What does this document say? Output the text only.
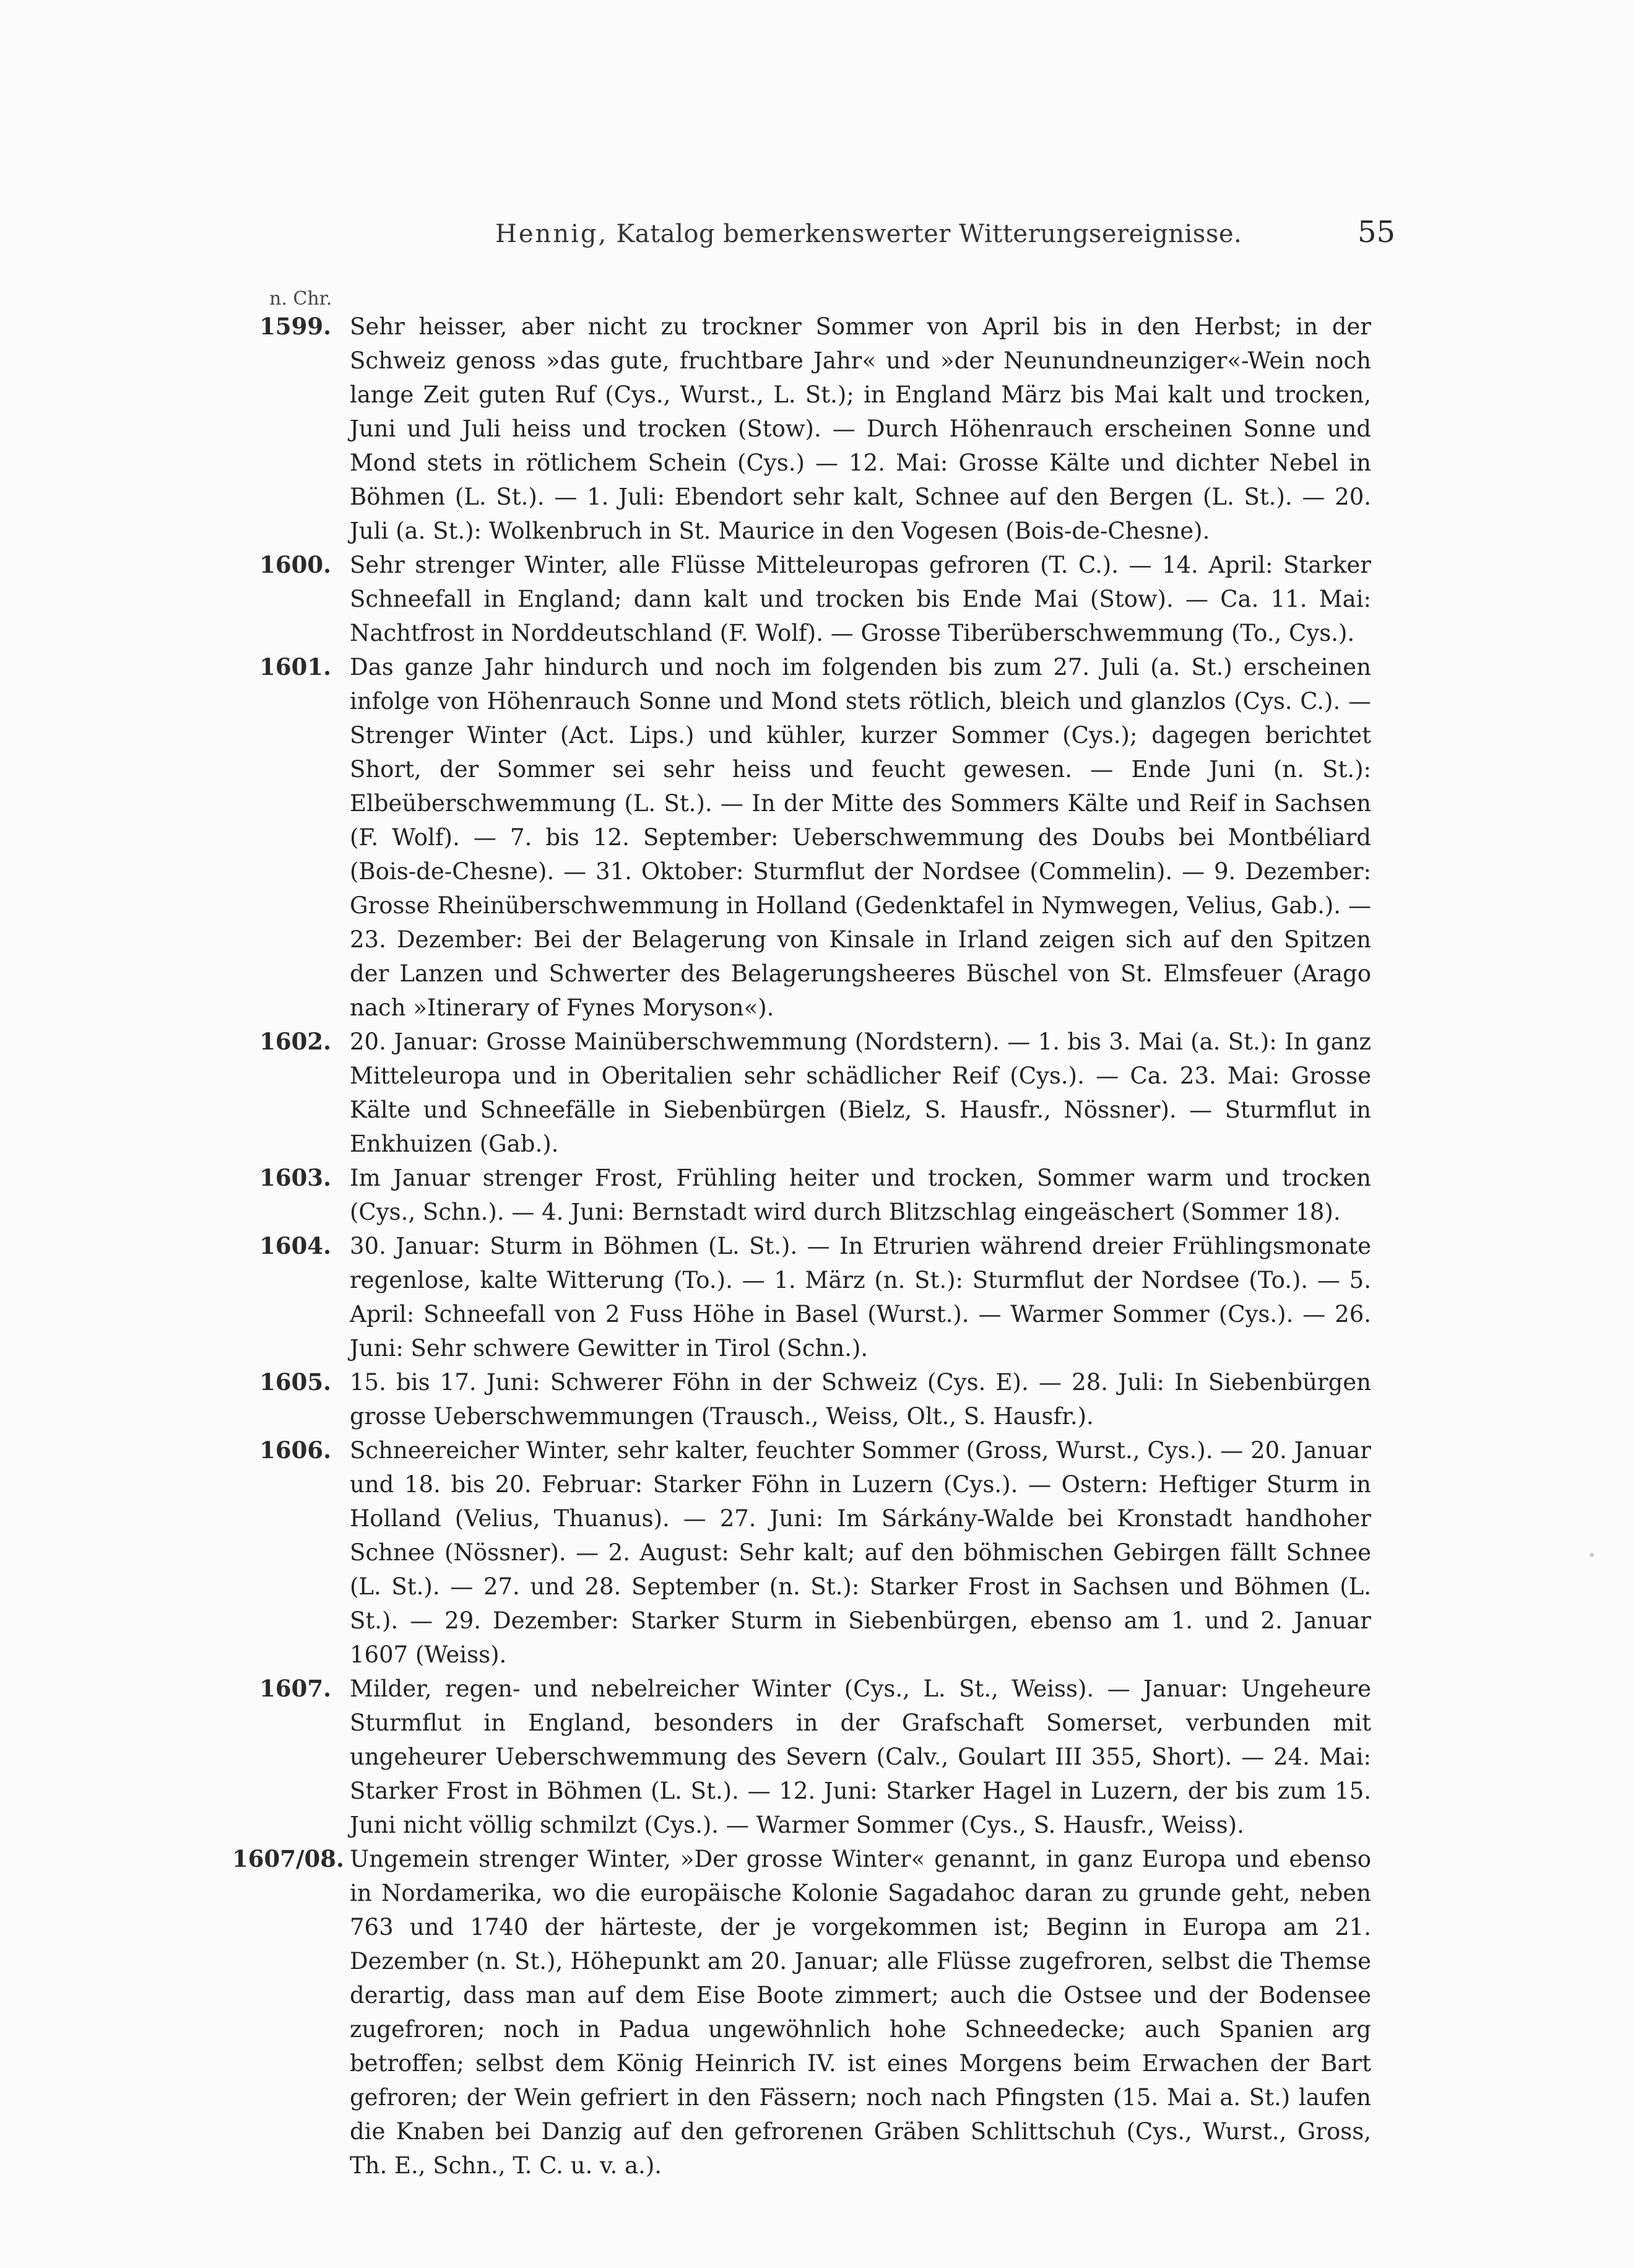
Hennig, Katalog bemerkenswerter Witterungsereignisse.	55
n. Chr.
1599. Sehr heisser, aber nicht zu trockner Sommer von April bis in den Herbst; in der Schweiz genoss »das gute, fruchtbare Jahr« und »der Neunundneunziger«-Wein noch lange Zeit guten Ruf (Cys., Wurst., L. St.); in England März bis Mai kalt und trocken, Juni und Juli heiss und trocken (Stow). — Durch Höhenrauch erscheinen Sonne und Mond stets in rötlichem Schein (Cys.) — 12. Mai: Grosse Kälte und dichter Nebel in Böhmen (L. St.). — 1. Juli: Ebendort sehr kalt, Schnee auf den Bergen (L. St.). — 20. Juli (a. St.): Wolkenbruch in St. Maurice in den Vogesen (Bois-de-Chesne).
1600. Sehr strenger Winter, alle Flüsse Mitteleuropas gefroren (T. C.). — 14. April: Starker Schneefall in England; dann kalt und trocken bis Ende Mai (Stow). — Ca. 11. Mai: Nachtfrost in Norddeutschland (F. Wolf). — Grosse Tiberüberschwemmung (To., Cys.).
1601. Das ganze Jahr hindurch und noch im folgenden bis zum 27. Juli (a. St.) erscheinen infolge von Höhenrauch Sonne und Mond stets rötlich, bleich und glanzlos (Cys. C.). — Strenger Winter (Act. Lips.) und kühler, kurzer Sommer (Cys.); dagegen berichtet Short, der Sommer sei sehr heiss und feucht gewesen. — Ende Juni (n. St.): Elbeüberschwemmung (L. St.). — In der Mitte des Sommers Kälte und Reif in Sachsen (F. Wolf). — 7. bis 12. September: Ueberschwemmung des Doubs bei Montbéliard (Bois-de-Chesne). — 31. Oktober: Sturmflut der Nordsee (Commelin). — 9. Dezember: Grosse Rheinüberschwemmung in Holland (Gedenktafel in Nymwegen, Velius, Gab.). — 23. Dezember: Bei der Belagerung von Kinsale in Irland zeigen sich auf den Spitzen der Lanzen und Schwerter des Belagerungsheeres Büschel von St. Elmsfeuer (Arago nach »Itinerary of Fynes Moryson«).
1602. 20. Januar: Grosse Mainüberschwemmung (Nordstern). — 1. bis 3. Mai (a. St.): In ganz Mitteleuropa und in Oberitalien sehr schädlicher Reif (Cys.). — Ca. 23. Mai: Grosse Kälte und Schneefälle in Siebenbürgen (Bielz, S. Hausfr., Nössner). — Sturmflut in Enkhuizen (Gab.).
1603. Im Januar strenger Frost, Frühling heiter und trocken, Sommer warm und trocken (Cys., Schn.). — 4. Juni: Bernstadt wird durch Blitzschlag eingeäschert (Sommer 18).
1604. 30. Januar: Sturm in Böhmen (L. St.). — In Etrurien während dreier Frühlingsmonate regenlose, kalte Witterung (To.). — 1. März (n. St.): Sturmflut der Nordsee (To.). — 5. April: Schneefall von 2 Fuss Höhe in Basel (Wurst.). — Warmer Sommer (Cys.). — 26. Juni: Sehr schwere Gewitter in Tirol (Schn.).
1605. 15. bis 17. Juni: Schwerer Föhn in der Schweiz (Cys. E). — 28. Juli: In Siebenbürgen grosse Ueberschwemmungen (Trausch., Weiss, Olt., S. Hausfr.).
1606. Schneereicher Winter, sehr kalter, feuchter Sommer (Gross, Wurst., Cys.). — 20. Januar und 18. bis 20. Februar: Starker Föhn in Luzern (Cys.). — Ostern: Heftiger Sturm in Holland (Velius, Thuanus). — 27. Juni: Im Sárkány-Walde bei Kronstadt handhoher Schnee (Nössner). — 2. August: Sehr kalt; auf den böhmischen Gebirgen fällt Schnee (L. St.). — 27. und 28. September (n. St.): Starker Frost in Sachsen und Böhmen (L. St.). — 29. Dezember: Starker Sturm in Siebenbürgen, ebenso am 1. und 2. Januar 1607 (Weiss).
1607. Milder, regen- und nebelreicher Winter (Cys., L. St., Weiss). — Januar: Ungeheure Sturmflut in England, besonders in der Grafschaft Somerset, verbunden mit ungeheurer Ueberschwemmung des Severn (Calv., Goulart III 355, Short). — 24. Mai: Starker Frost in Böhmen (L. St.). — 12. Juni: Starker Hagel in Luzern, der bis zum 15. Juni nicht völlig schmilzt (Cys.). — Warmer Sommer (Cys., S. Hausfr., Weiss).
1607/08. Ungemein strenger Winter, »Der grosse Winter« genannt, in ganz Europa und ebenso in Nordamerika, wo die europäische Kolonie Sagadahoc daran zu grunde geht, neben 763 und 1740 der härteste, der je vorgekommen ist; Beginn in Europa am 21. Dezember (n. St.), Höhepunkt am 20. Januar; alle Flüsse zugefroren, selbst die Themse derartig, dass man auf dem Eise Boote zimmert; auch die Ostsee und der Bodensee zugefroren; noch in Padua ungewöhnlich hohe Schneedecke; auch Spanien arg betroffen; selbst dem König Heinrich IV. ist eines Morgens beim Erwachen der Bart gefroren; der Wein gefriert in den Fässern; noch nach Pfingsten (15. Mai a. St.) laufen die Knaben bei Danzig auf den gefrorenen Gräben Schlittschuh (Cys., Wurst., Gross, Th. E., Schn., T. C. u. v. a.).
